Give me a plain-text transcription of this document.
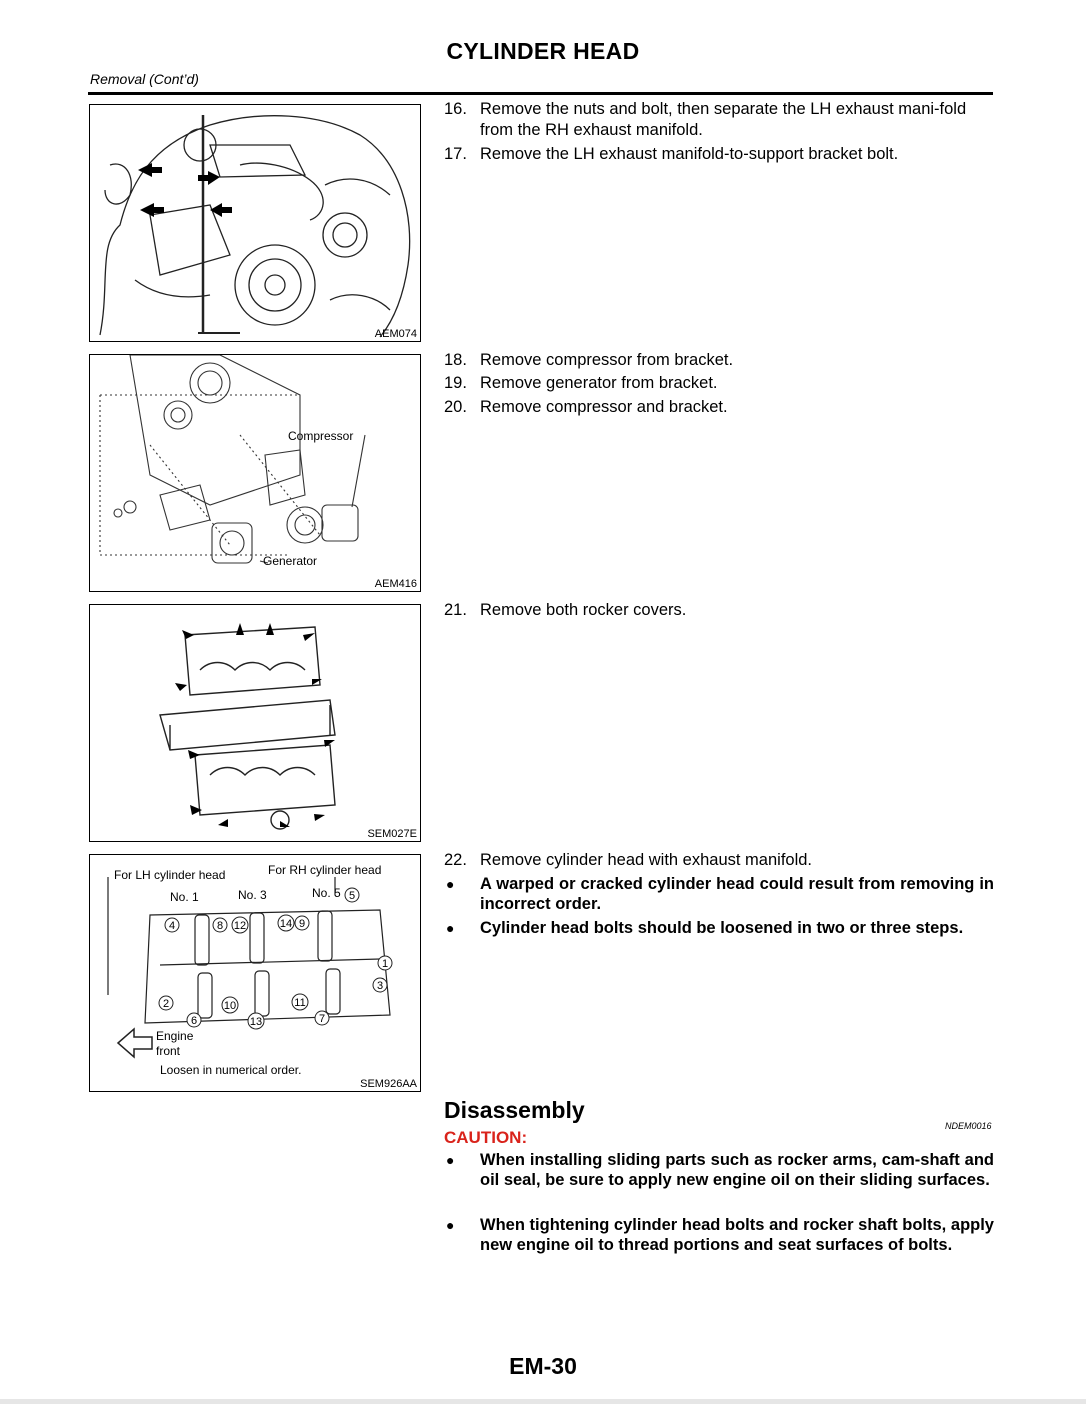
CYLINDER HEAD
Removal (Cont’d)
AEM074
Compressor
Generator
AEM416
SEM027E
For LH cylinder head	For RH cylinder head
No. 1	No. 3	No. 5
1
2
3
4
5
6	7
8	9
10	11
12
13
14
Engine
front
Loosen in numerical order.
SEM926AA
16. Remove the nuts and bolt, then separate the LH exhaust mani-fold from the RH exhaust manifold.
17. Remove the LH exhaust manifold-to-support bracket bolt.
18. Remove compressor from bracket.
19. Remove generator from bracket.
20. Remove compressor and bracket.
21. Remove both rocker covers.
22. Remove cylinder head with exhaust manifold.
● A warped or cracked cylinder head could result from removing in incorrect order.
● Cylinder head bolts should be loosened in two or three steps.
Disassembly
NDEM0016
CAUTION:
● When installing sliding parts such as rocker arms, cam-shaft and oil seal, be sure to apply new engine oil on their sliding surfaces.
● When tightening cylinder head bolts and rocker shaft bolts, apply new engine oil to thread portions and seat surfaces of bolts.
EM-30
